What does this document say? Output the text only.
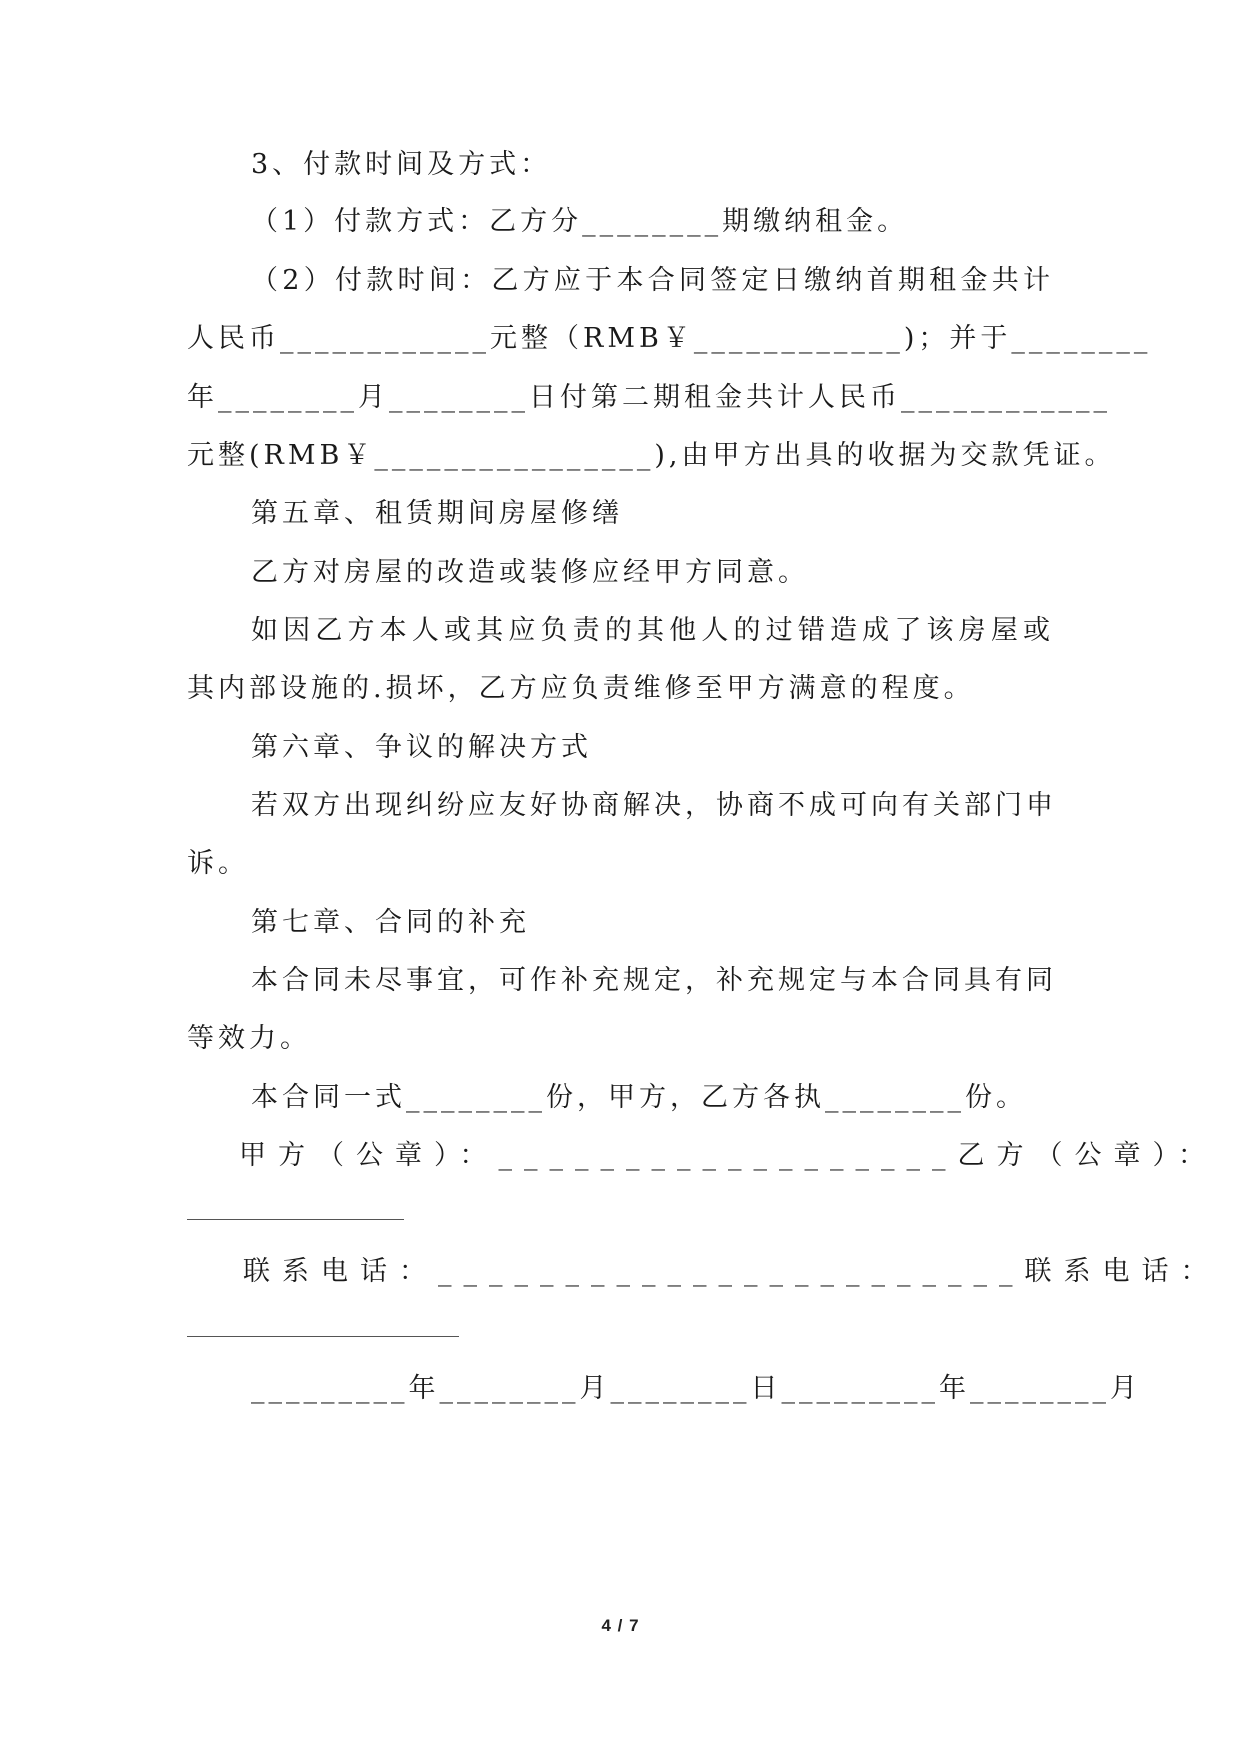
3、付款时间及方式：
（1）付款方式：乙方分________期缴纳租金。
（2）付款时间：乙方应于本合同签定日缴纳首期租金共计
人民币____________元整（RMB￥____________)；并于________
年________月________日付第二期租金共计人民币____________
元整(RMB￥________________),由甲方出具的收据为交款凭证。
第五章、租赁期间房屋修缮
乙方对房屋的改造或装修应经甲方同意。
如因乙方本人或其应负责的其他人的过错造成了该房屋或
其内部设施的.损坏，乙方应负责维修至甲方满意的程度。
第六章、争议的解决方式
若双方出现纠纷应友好协商解决，协商不成可向有关部门申
诉。
第七章、合同的补充
本合同未尽事宜，可作补充规定，补充规定与本合同具有同
等效力。
本合同一式________份，甲方，乙方各执________份。
甲方（公章）：__________________乙方（公章）：
联系电话：_______________________联系电话：
_________年________月________日_________年________月
4 / 7
